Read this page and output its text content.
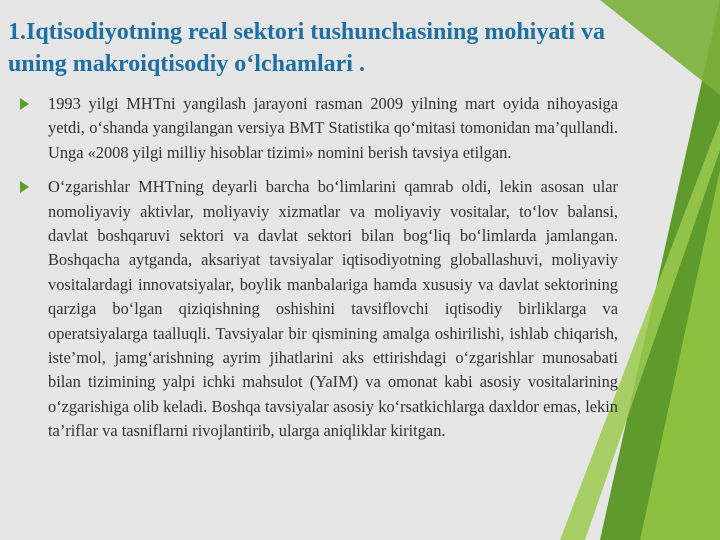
1.Iqtisodiyotning real sektori tushunchasining mohiyati va uning makroiqtisodiy o‘lchamlari .

1993 yilgi MHTni yangilash jarayoni rasman 2009 yilning mart oyida nihoyasiga yetdi, o‘shanda yangilangan versiya BMT Statistika qo‘mitasi tomonidan ma’qullandi. Unga «2008 yilgi milliy hisoblar tizimi» nomini berish tavsiya etilgan.

O‘zgarishlar MHTning deyarli barcha bo‘limlarini qamrab oldi, lekin asosan ular nomoliyaviy aktivlar, moliyaviy xizmatlar va moliyaviy vositalar, to‘lov balansi, davlat boshqaruvi sektori va davlat sektori bilan bog‘liq bo‘limlarda jamlangan. Boshqacha aytganda, aksariyat tavsiyalar iqtisodiyotning globallashuvi, moliyaviy vositalardagi innovatsiyalar, boylik manbalariga hamda xususiy va davlat sektorining qarziga bo‘lgan qiziqishning oshishini tavsiflovchi iqtisodiy birliklarga va operatsiyalarga taalluqli. Tavsiyalar bir qismining amalga oshirilishi, ishlab chiqarish, iste’mol, jamg‘arishning ayrim jihatlarini aks ettirishdagi o‘zgarishlar munosabati bilan tizimining yalpi ichki mahsulot (YaIM) va omonat kabi asosiy vositalarining o‘zgarishiga olib keladi. Boshqa tavsiyalar asosiy ko‘rsatkichlarga daxldor emas, lekin ta’riflar va tasniflarni rivojlantirib, ularga aniqliklar kiritgan.
